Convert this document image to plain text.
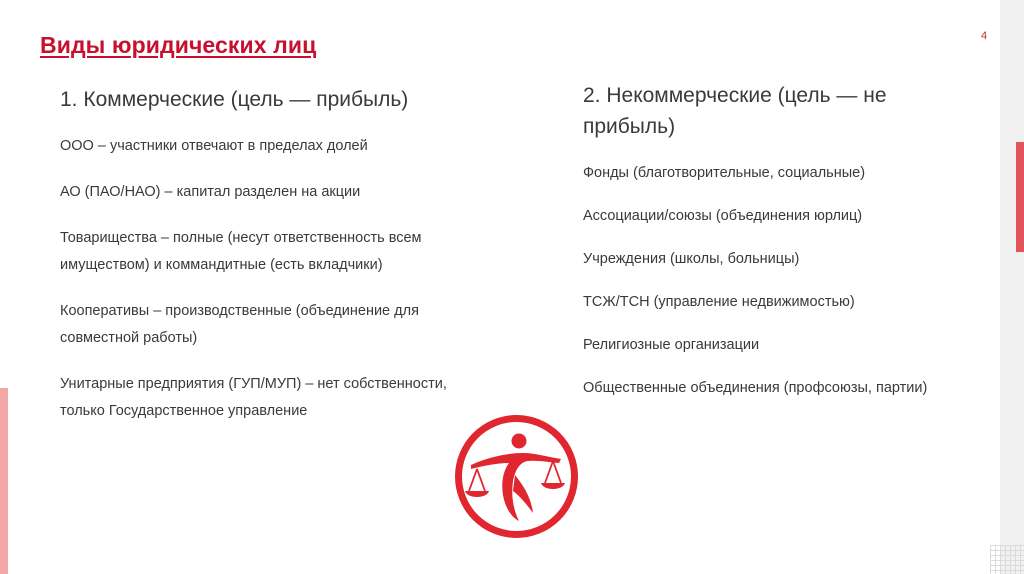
4
Виды юридических лиц
1. Коммерческие (цель — прибыль)
ООО – участники отвечают в пределах долей
АО (ПАО/НАО) – капитал разделен на акции
Товарищества – полные (несут ответственность всем имуществом) и коммандитные (есть вкладчики)
Кооперативы – производственные (объединение для совместной работы)
Унитарные предприятия (ГУП/МУП) – нет собственности, только Государственное управление
2. Некоммерческие (цель — не прибыль)
Фонды (благотворительные, социальные)
Ассоциации/союзы (объединения юрлиц)
Учреждения (школы, больницы)
ТСЖ/ТСН (управление недвижимостью)
Религиозные организации
Общественные объединения (профсоюзы, партии)
